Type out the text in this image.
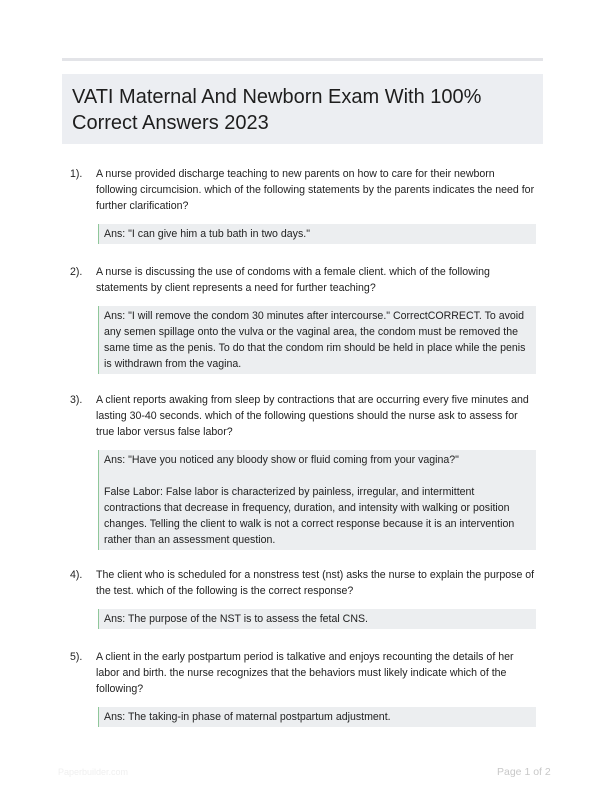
VATI Maternal And Newborn Exam With 100% Correct Answers 2023
1). A nurse provided discharge teaching to new parents on how to care for their newborn following circumcision. which of the following statements by the parents indicates the need for further clarification?

Ans: "I can give him a tub bath in two days."

2). A nurse is discussing the use of condoms with a female client. which of the following statements by client represents a need for further teaching?

Ans: "I will remove the condom 30 minutes after intercourse." CorrectCORRECT. To avoid any semen spillage onto the vulva or the vaginal area, the condom must be removed the same time as the penis. To do that the condom rim should be held in place while the penis is withdrawn from the vagina.

3). A client reports awaking from sleep by contractions that are occurring every five minutes and lasting 30-40 seconds. which of the following questions should the nurse ask to assess for true labor versus false labor?

Ans: "Have you noticed any bloody show or fluid coming from your vagina?"

False Labor: False labor is characterized by painless, irregular, and intermittent contractions that decrease in frequency, duration, and intensity with walking or position changes. Telling the client to walk is not a correct response because it is an intervention rather than an assessment question.

4). The client who is scheduled for a nonstress test (nst) asks the nurse to explain the purpose of the test. which of the following is the correct response?

Ans: The purpose of the NST is to assess the fetal CNS.

5). A client in the early postpartum period is talkative and enjoys recounting the details of her labor and birth. the nurse recognizes that the behaviors must likely indicate which of the following?

Ans: The taking-in phase of maternal postpartum adjustment.

Paperbuilder.com	Page 1 of 2
